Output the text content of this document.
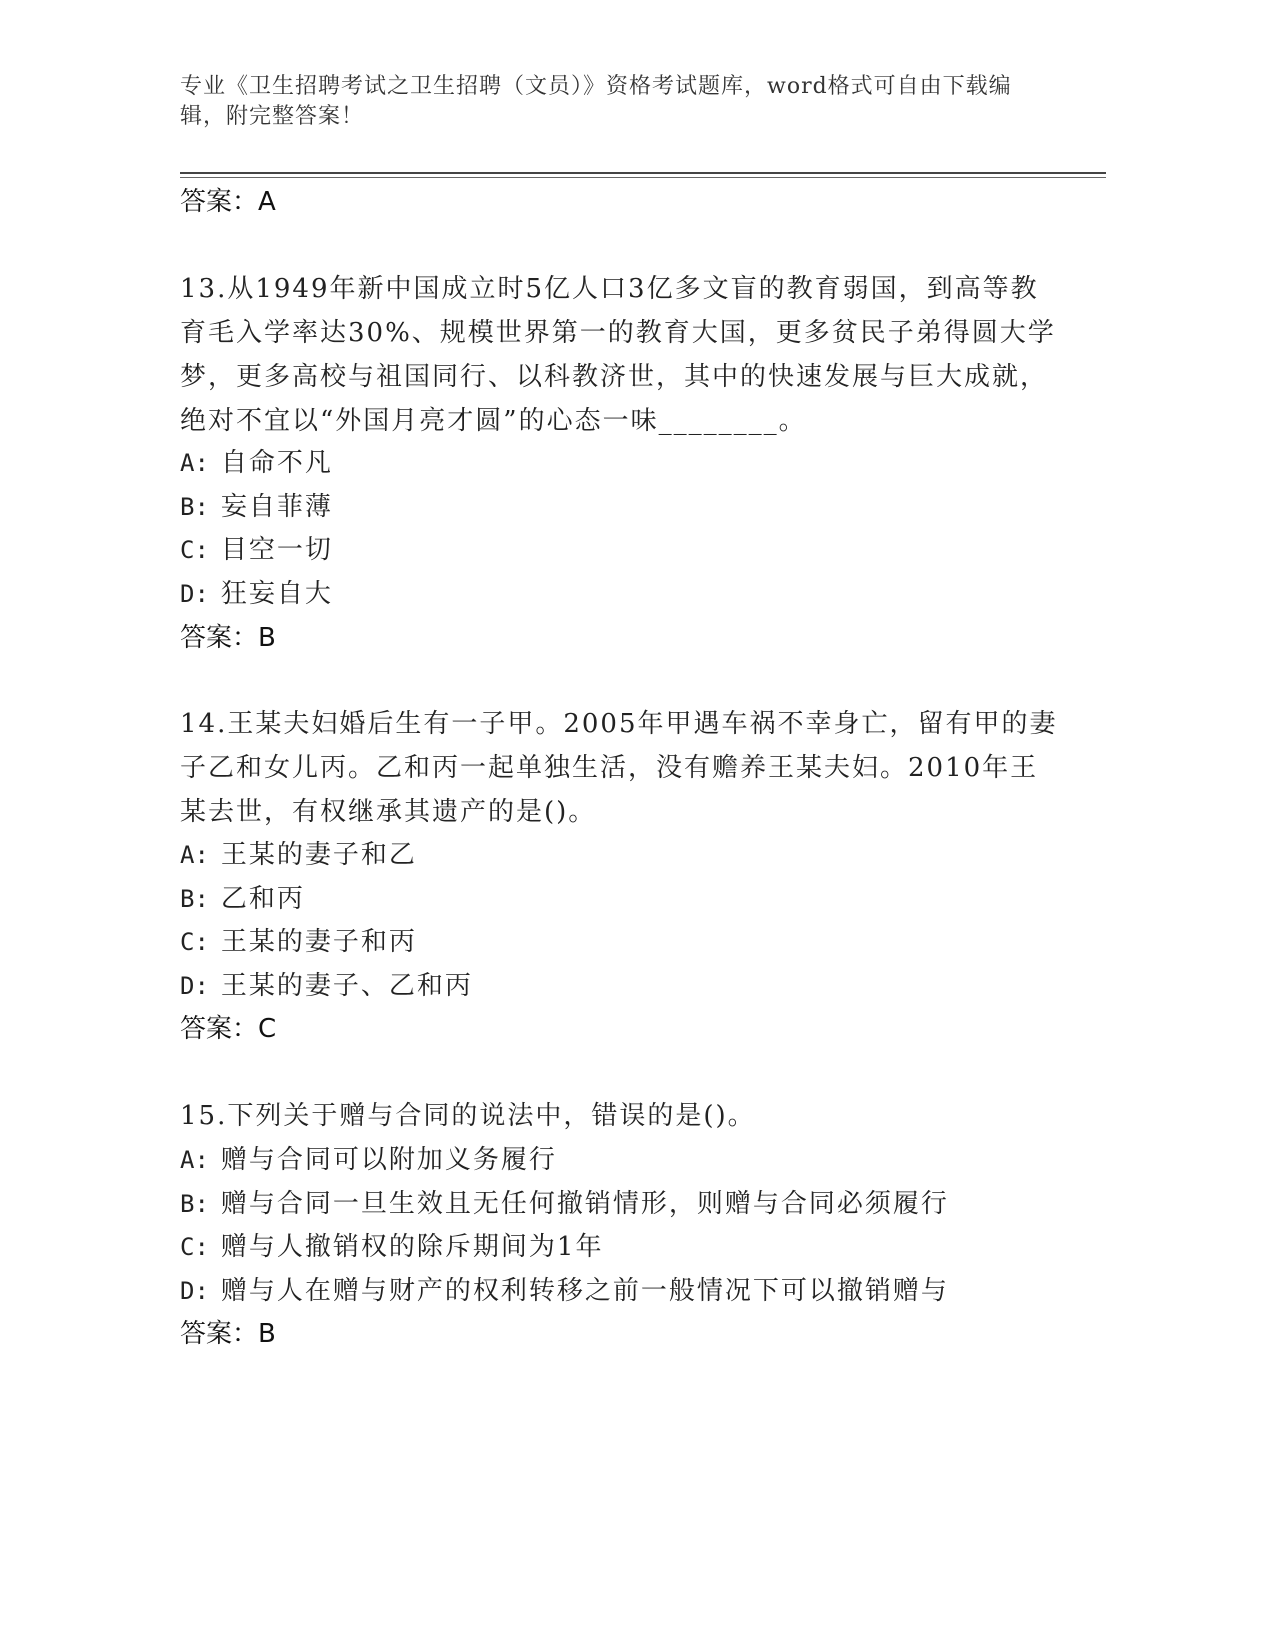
专业《卫生招聘考试之卫生招聘（文员）》资格考试题库，word格式可自由下载编辑，附完整答案！
答案：A
13.从1949年新中国成立时5亿人口3亿多文盲的教育弱国，到高等教育毛入学率达30%、规模世界第一的教育大国，更多贫民子弟得圆大学梦，更多高校与祖国同行、以科教济世，其中的快速发展与巨大成就，绝对不宜以“外国月亮才圆”的心态一味________。
A: 自命不凡
B: 妄自菲薄
C: 目空一切
D: 狂妄自大
答案：B
14.王某夫妇婚后生有一子甲。2005年甲遇车祸不幸身亡，留有甲的妻子乙和女儿丙。乙和丙一起单独生活，没有赡养王某夫妇。2010年王某去世，有权继承其遗产的是()。
A: 王某的妻子和乙
B: 乙和丙
C: 王某的妻子和丙
D: 王某的妻子、乙和丙
答案：C
15.下列关于赠与合同的说法中，错误的是()。
A: 赠与合同可以附加义务履行
B: 赠与合同一旦生效且无任何撤销情形，则赠与合同必须履行
C: 赠与人撤销权的除斥期间为1年
D: 赠与人在赠与财产的权利转移之前一般情况下可以撤销赠与
答案：B
